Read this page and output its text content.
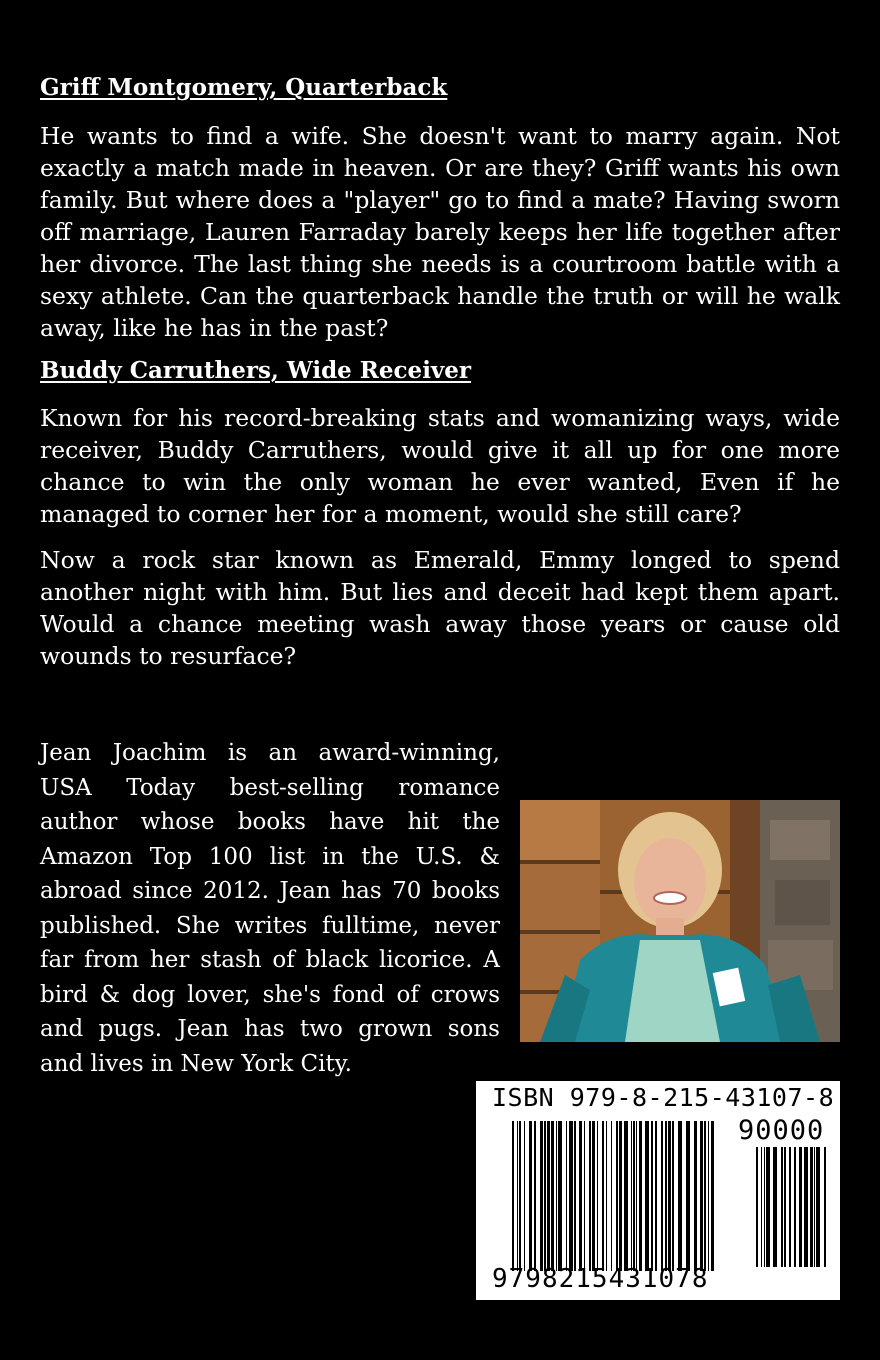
Griff Montgomery, Quarterback

He wants to find a wife. She doesn't want to marry again. Not exactly a match made in heaven. Or are they? Griff wants his own family. But where does a "player" go to find a mate? Having sworn off marriage, Lauren Farraday barely keeps her life together after her divorce. The last thing she needs is a courtroom battle with a sexy athlete. Can the quarterback handle the truth or will he walk away, like he has in the past?

Buddy Carruthers, Wide Receiver

Known for his record-breaking stats and womanizing ways, wide receiver, Buddy Carruthers, would give it all up for one more chance to win the only woman he ever wanted, Even if he managed to corner her for a moment, would she still care?

Now a rock star known as Emerald, Emmy longed to spend another night with him. But lies and deceit had kept them apart. Would a chance meeting wash away those years or cause old wounds to resurface?

Jean Joachim is an award-winning, USA Today best-selling romance author whose books have hit the Amazon Top 100 list in the U.S. & abroad since 2012. Jean has 70 books published. She writes fulltime, never far from her stash of black licorice. A bird & dog lover, she's fond of crows and pugs. Jean has two grown sons and lives in New York City.

ISBN 979-8-215-43107-8
90000
9798215431078
